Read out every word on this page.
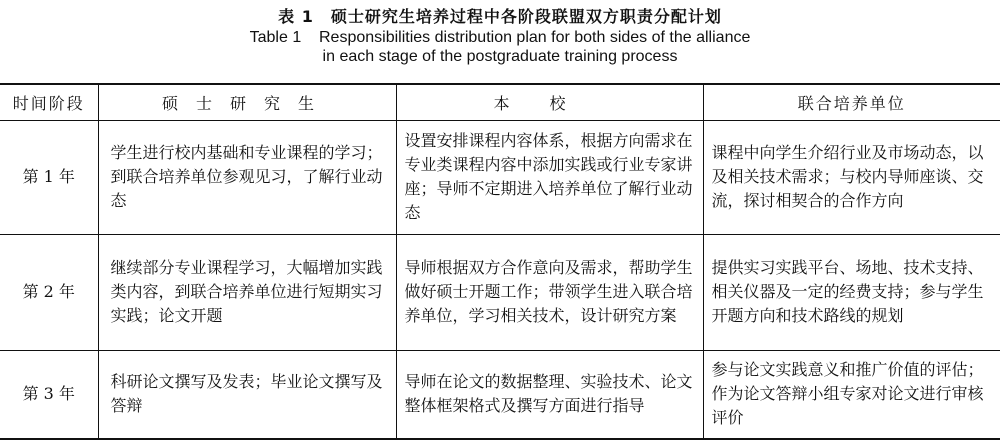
表 1　硕士研究生培养过程中各阶段联盟双方职责分配计划
Table 1    Responsibilities distribution plan for both sides of the alliance
in each stage of the postgraduate training process
时间阶段	硕士研究生	本校	联合培养单位
第 1 年	学生进行校内基础和专业课程的学习；到联合培养单位参观见习，了解行业动态	设置安排课程内容体系，根据方向需求在专业类课程内容中添加实践或行业专家讲座；导师不定期进入培养单位了解行业动态	课程中向学生介绍行业及市场动态，以及相关技术需求；与校内导师座谈、交流，探讨相契合的合作方向
第 2 年	继续部分专业课程学习，大幅增加实践类内容，到联合培养单位进行短期实习实践；论文开题	导师根据双方合作意向及需求，帮助学生做好硕士开题工作；带领学生进入联合培养单位，学习相关技术，设计研究方案	提供实习实践平台、场地、技术支持、相关仪器及一定的经费支持；参与学生开题方向和技术路线的规划
第 3 年	科研论文撰写及发表；毕业论文撰写及答辩	导师在论文的数据整理、实验技术、论文整体框架格式及撰写方面进行指导	参与论文实践意义和推广价值的评估；作为论文答辩小组专家对论文进行审核评价
